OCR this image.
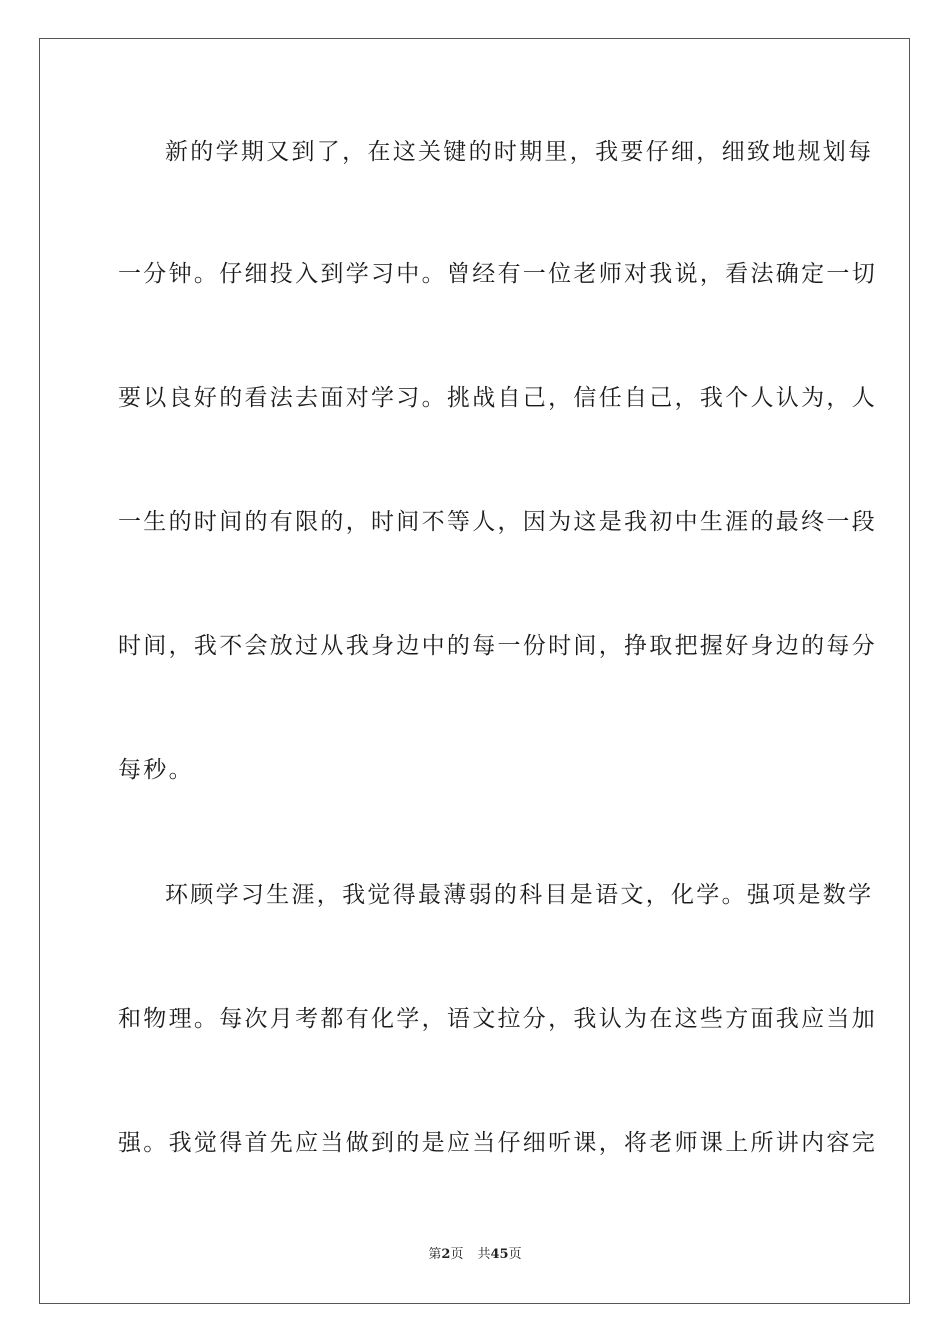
新的学期又到了，在这关键的时期里，我要仔细，细致地规划每
一分钟。仔细投入到学习中。曾经有一位老师对我说，看法确定一切
要以良好的看法去面对学习。挑战自己，信任自己，我个人认为，人
一生的时间的有限的，时间不等人，因为这是我初中生涯的最终一段
时间，我不会放过从我身边中的每一份时间，挣取把握好身边的每分
每秒。
环顾学习生涯，我觉得最薄弱的科目是语文，化学。强项是数学
和物理。每次月考都有化学，语文拉分，我认为在这些方面我应当加
强。我觉得首先应当做到的是应当仔细听课，将老师课上所讲内容完
第2页 共45页
